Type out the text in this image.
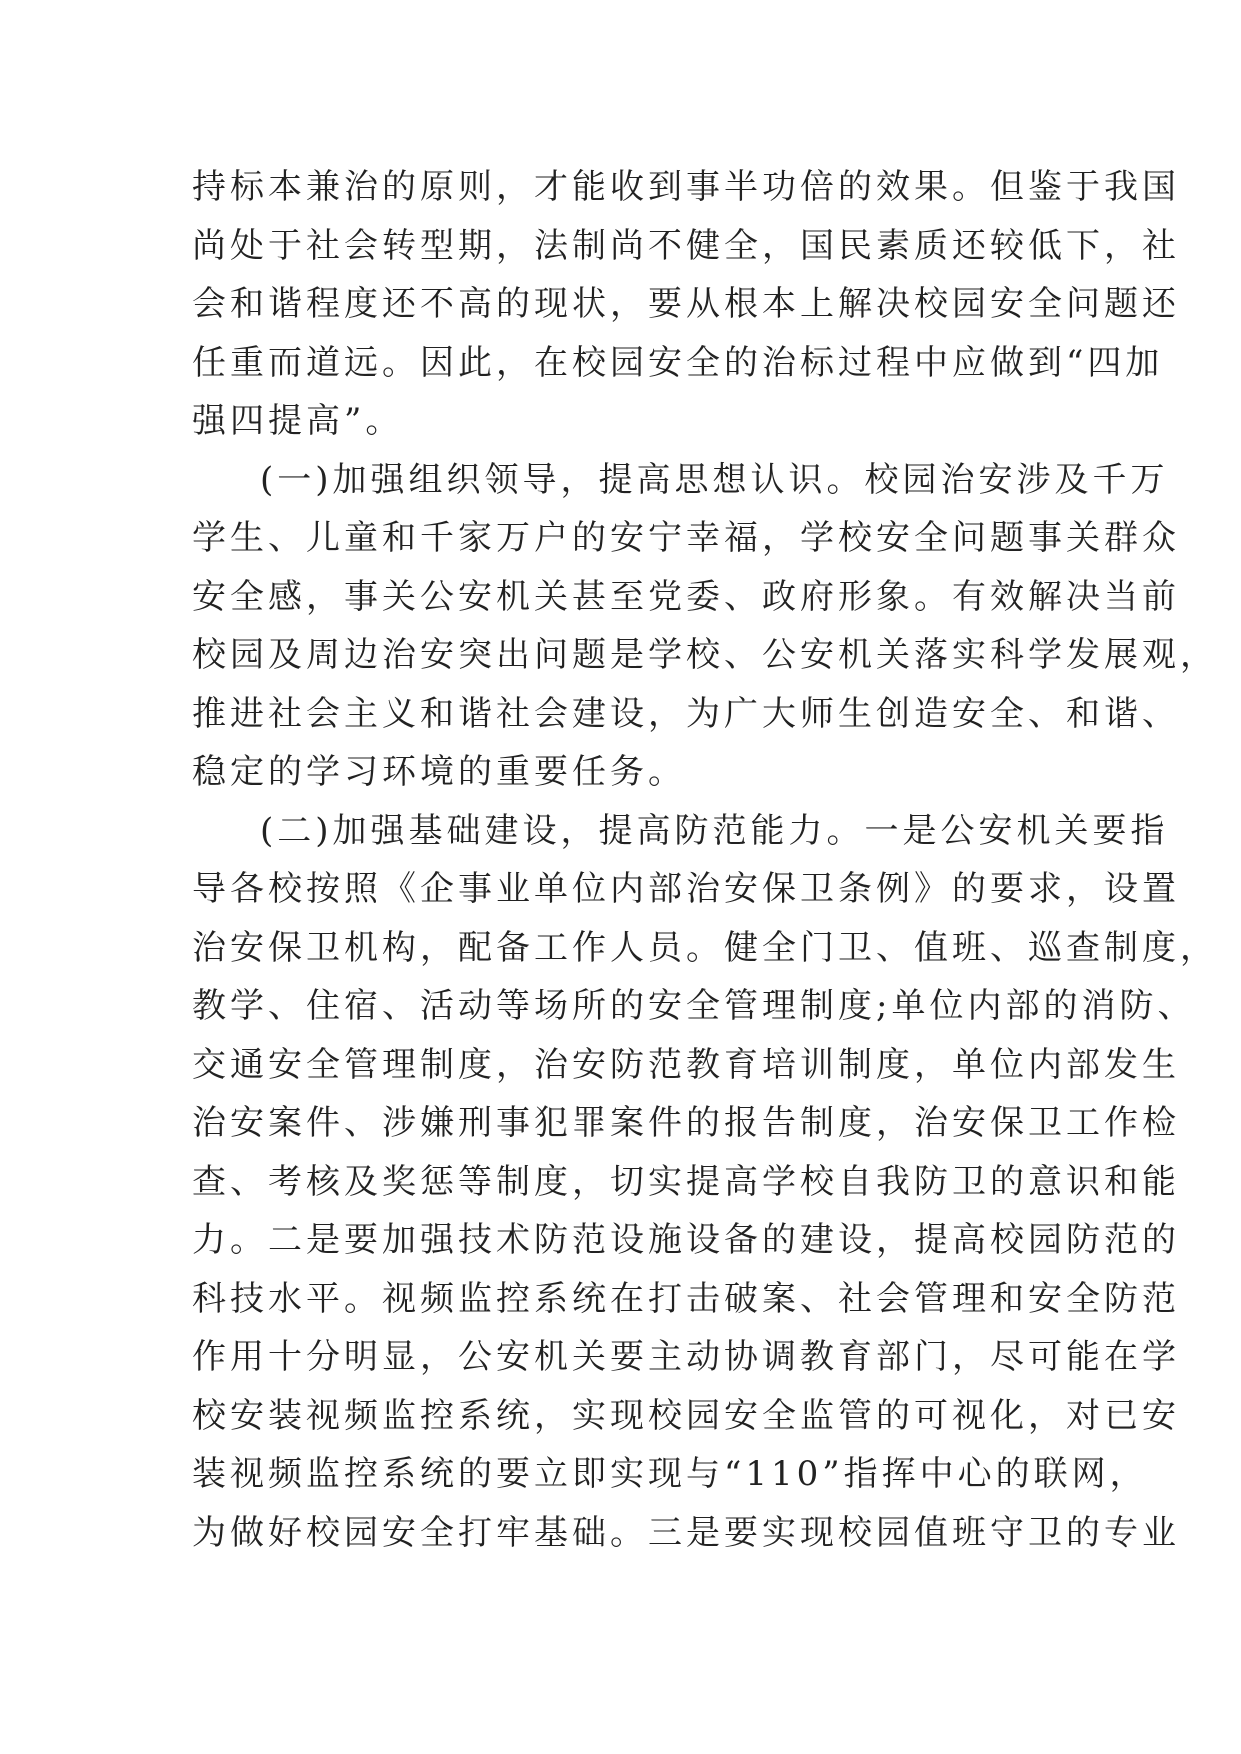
持标本兼治的原则，才能收到事半功倍的效果。但鉴于我国
尚处于社会转型期，法制尚不健全，国民素质还较低下，社
会和谐程度还不高的现状，要从根本上解决校园安全问题还
任重而道远。因此，在校园安全的治标过程中应做到“四加
强四提高”。
(一)加强组织领导，提高思想认识。校园治安涉及千万
学生、儿童和千家万户的安宁幸福，学校安全问题事关群众
安全感，事关公安机关甚至党委、政府形象。有效解决当前
校园及周边治安突出问题是学校、公安机关落实科学发展观，
推进社会主义和谐社会建设，为广大师生创造安全、和谐、
稳定的学习环境的重要任务。
(二)加强基础建设，提高防范能力。一是公安机关要指
导各校按照《企事业单位内部治安保卫条例》的要求，设置
治安保卫机构，配备工作人员。健全门卫、值班、巡查制度，
教学、住宿、活动等场所的安全管理制度;单位内部的消防、
交通安全管理制度，治安防范教育培训制度，单位内部发生
治安案件、涉嫌刑事犯罪案件的报告制度，治安保卫工作检
查、考核及奖惩等制度，切实提高学校自我防卫的意识和能
力。二是要加强技术防范设施设备的建设，提高校园防范的
科技水平。视频监控系统在打击破案、社会管理和安全防范
作用十分明显，公安机关要主动协调教育部门，尽可能在学
校安装视频监控系统，实现校园安全监管的可视化，对已安
装视频监控系统的要立即实现与“110”指挥中心的联网，
为做好校园安全打牢基础。三是要实现校园值班守卫的专业
